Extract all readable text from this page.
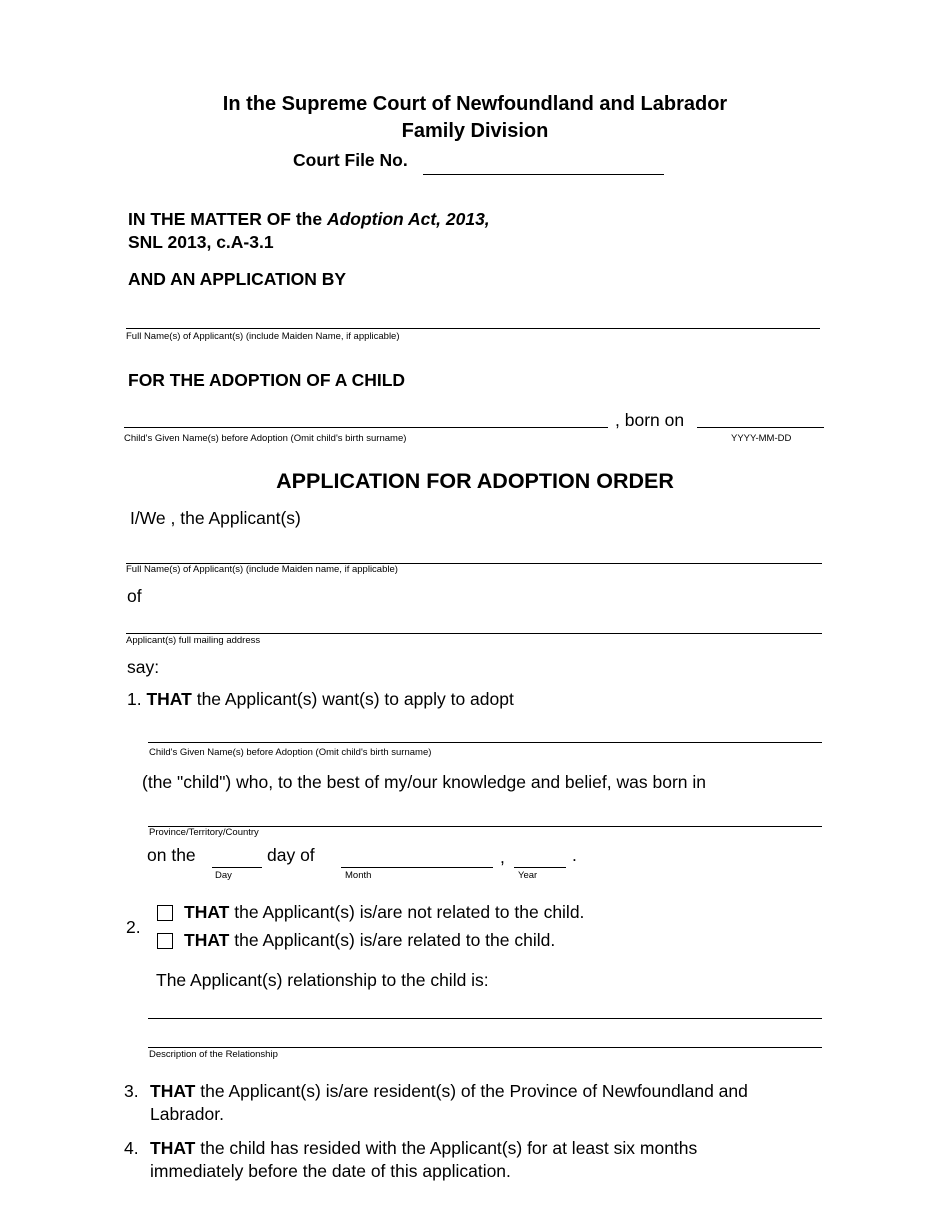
In the Supreme Court of Newfoundland and Labrador
Family Division
Court File No.
IN THE MATTER OF the Adoption Act, 2013,
SNL 2013, c.A-3.1
AND AN APPLICATION BY
Full Name(s) of Applicant(s) (include Maiden Name, if applicable)
FOR THE ADOPTION OF A CHILD
, born on
Child's Given Name(s) before Adoption (Omit child's birth surname)	YYYY-MM-DD
APPLICATION FOR ADOPTION ORDER
I/We , the Applicant(s)
Full Name(s) of Applicant(s) (include Maiden name, if applicable)
of
Applicant(s) full mailing address
say:
1. THAT the Applicant(s) want(s) to apply to adopt
Child's Given Name(s) before Adoption (Omit child's birth surname)
(the "child") who, to the best of my/our knowledge and belief, was born in
Province/Territory/Country
on the	day of	,	.
Day	Month	Year
2.
THAT the Applicant(s) is/are not related to the child.
THAT the Applicant(s) is/are related to the child.
The Applicant(s) relationship to the child is:
Description of the Relationship
3. THAT the Applicant(s) is/are resident(s) of the Province of Newfoundland and
Labrador.
4. THAT the child has resided with the Applicant(s) for at least six months
immediately before the date of this application.
